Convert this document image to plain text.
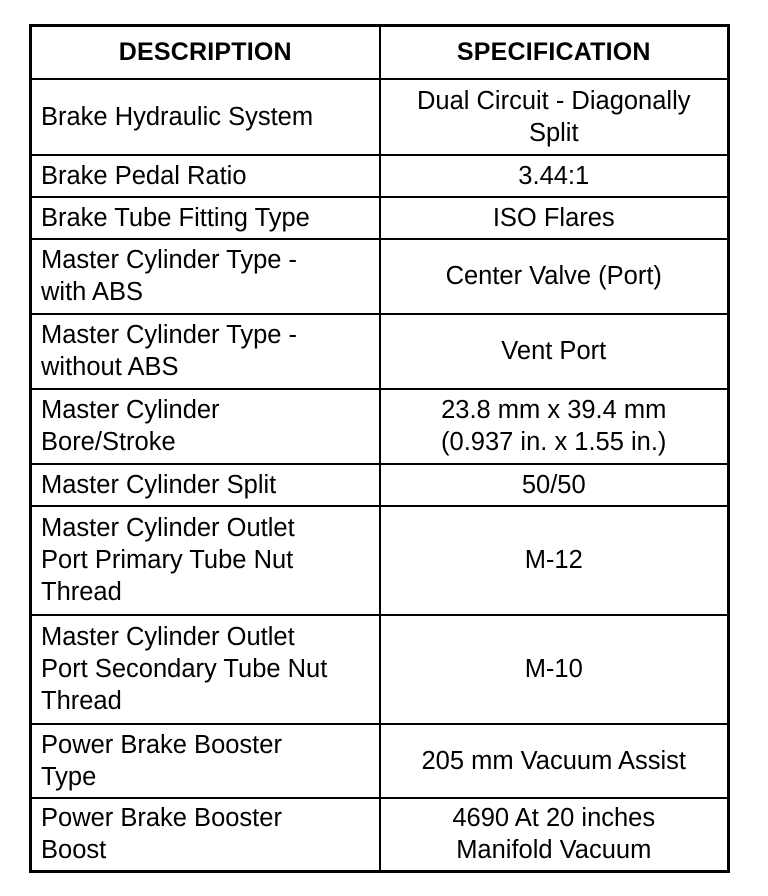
DESCRIPTION	SPECIFICATION

Brake Hydraulic System	Dual Circuit - Diagonally
Split

Brake Pedal Ratio	3.44:1

Brake Tube Fitting Type	ISO Flares

Master Cylinder Type -
with ABS	Center Valve (Port)

Master Cylinder Type -
without ABS	Vent Port

Master Cylinder
Bore/Stroke	23.8 mm x 39.4 mm
(0.937 in. x 1.55 in.)

Master Cylinder Split	50/50

Master Cylinder Outlet
Port Primary Tube Nut
Thread	M-12

Master Cylinder Outlet
Port Secondary Tube Nut
Thread	M-10

Power Brake Booster
Type	205 mm Vacuum Assist

Power Brake Booster
Boost	4690 At 20 inches
Manifold Vacuum
